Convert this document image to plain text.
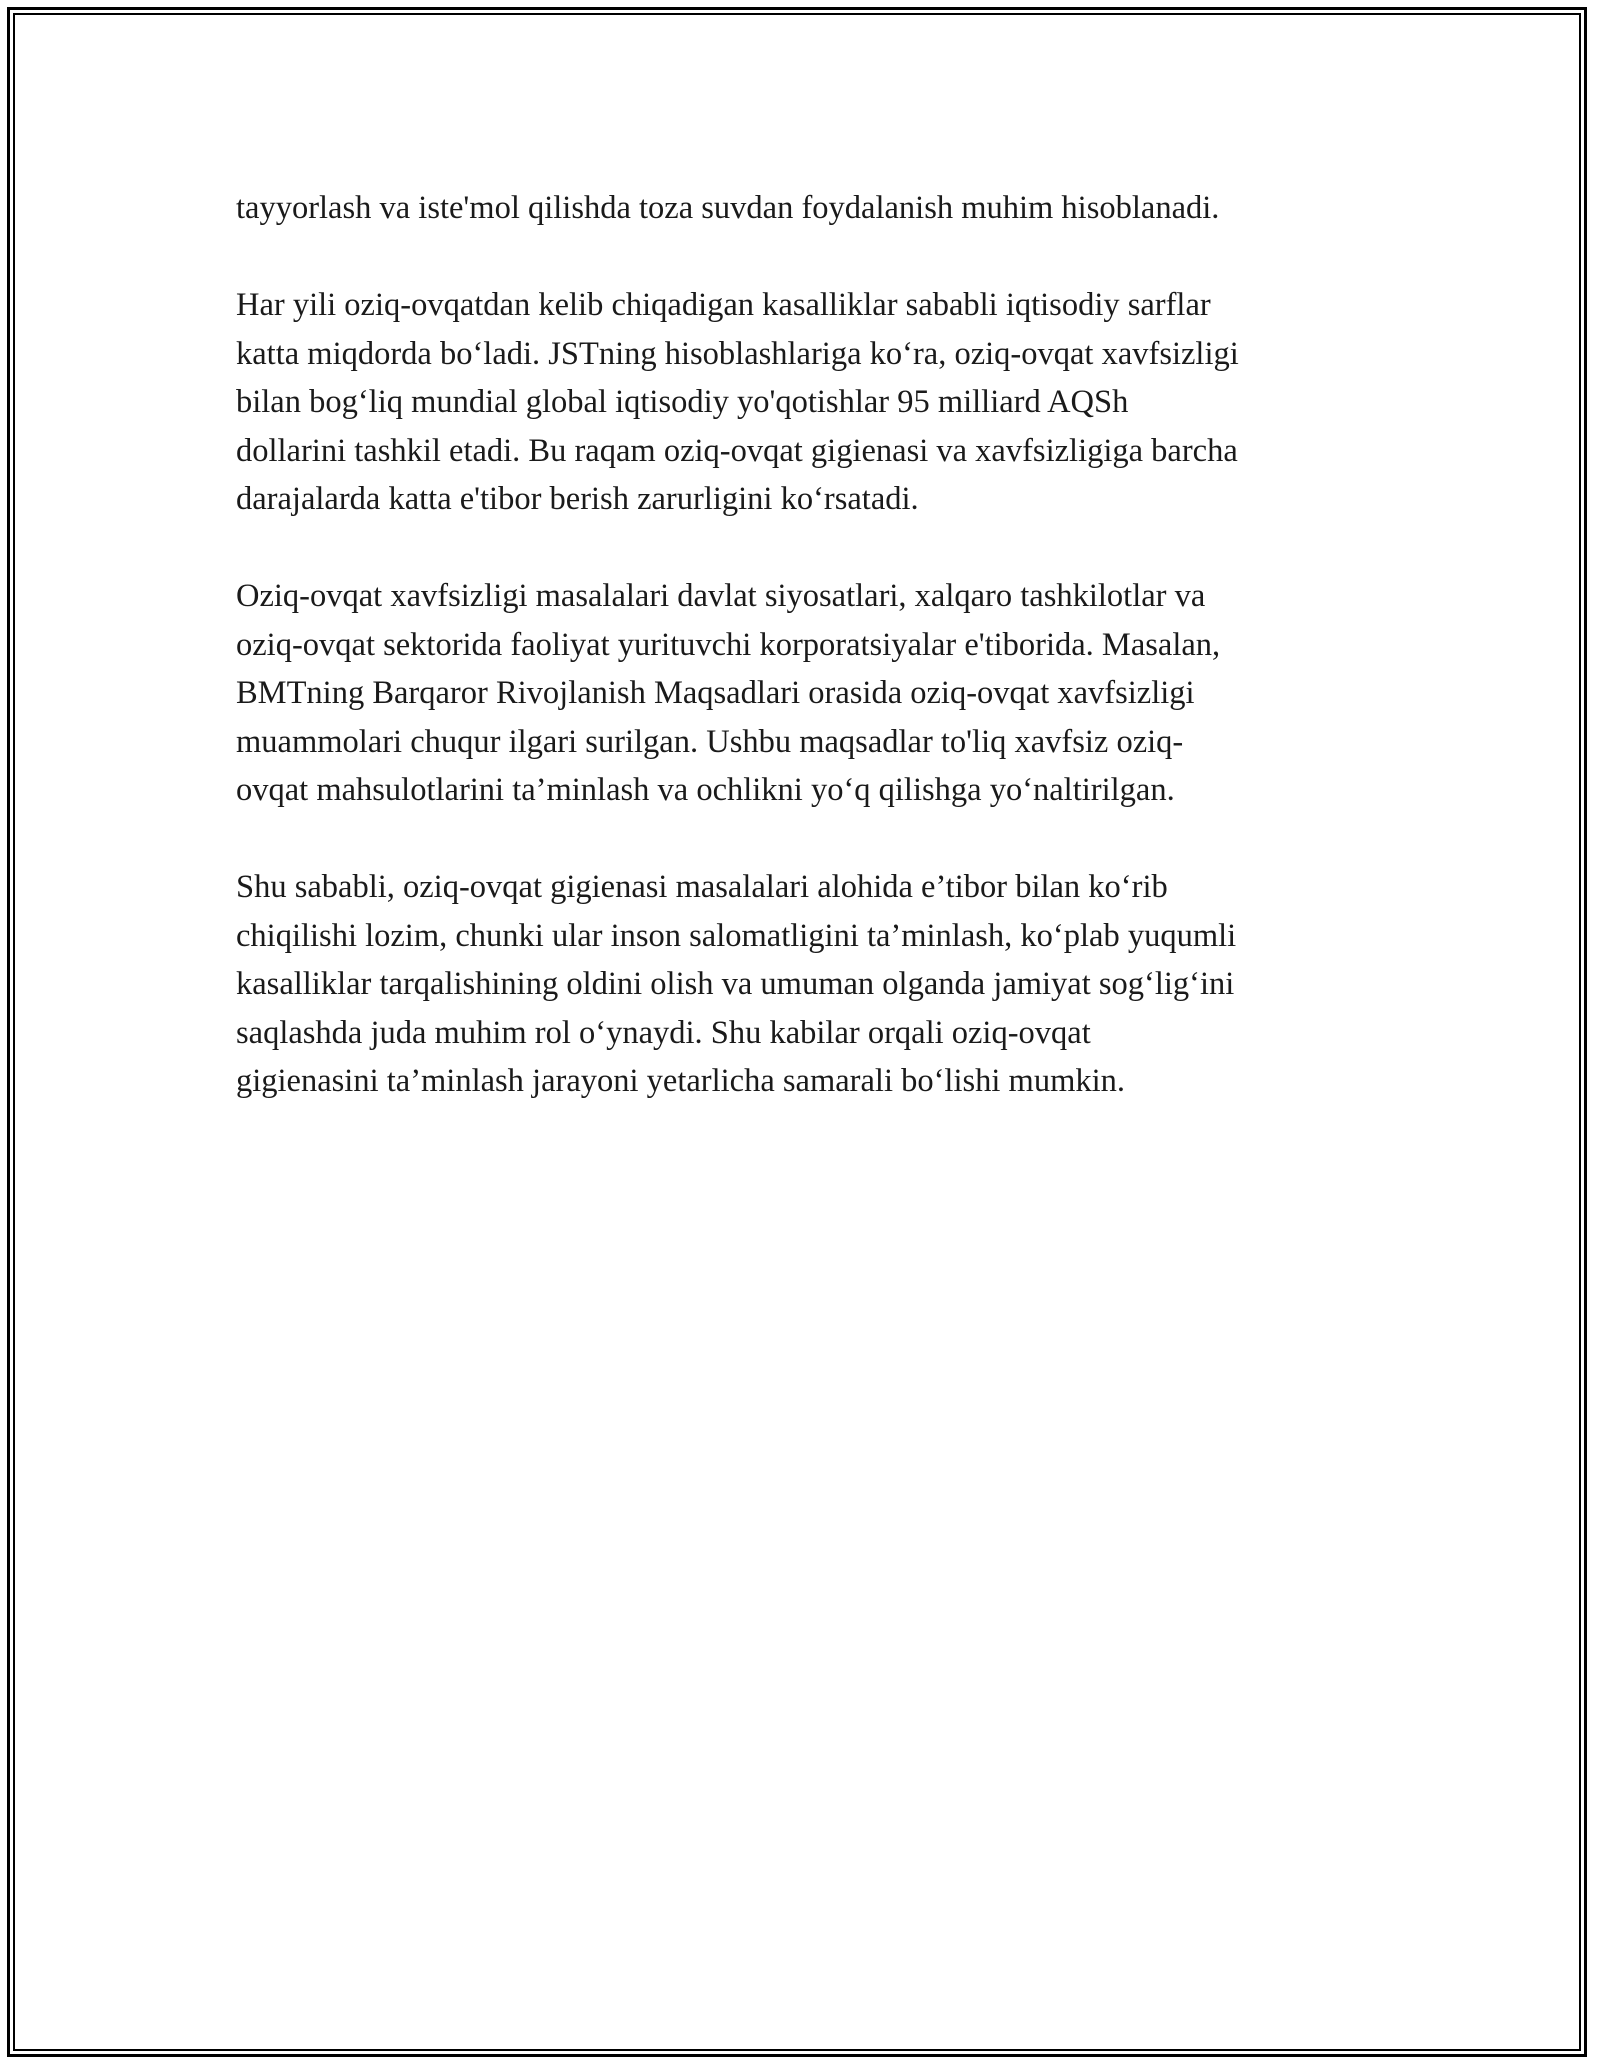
tayyorlash va iste'mol qilishda toza suvdan foydalanish muhim hisoblanadi.

Har yili oziq-ovqatdan kelib chiqadigan kasalliklar sababli iqtisodiy sarflar
katta miqdorda bo‘ladi. JSTning hisoblashlariga ko‘ra, oziq-ovqat xavfsizligi
bilan bog‘liq mundial global iqtisodiy yo'qotishlar 95 milliard AQSh
dollarini tashkil etadi. Bu raqam oziq-ovqat gigienasi va xavfsizligiga barcha
darajalarda katta e'tibor berish zarurligini ko‘rsatadi.

Oziq-ovqat xavfsizligi masalalari davlat siyosatlari, xalqaro tashkilotlar va
oziq-ovqat sektorida faoliyat yurituvchi korporatsiyalar e'tiborida. Masalan,
BMTning Barqaror Rivojlanish Maqsadlari orasida oziq-ovqat xavfsizligi
muammolari chuqur ilgari surilgan. Ushbu maqsadlar to'liq xavfsiz oziq-
ovqat mahsulotlarini ta’minlash va ochlikni yo‘q qilishga yo‘naltirilgan.

Shu sababli, oziq-ovqat gigienasi masalalari alohida e’tibor bilan ko‘rib
chiqilishi lozim, chunki ular inson salomatligini ta’minlash, ko‘plab yuqumli
kasalliklar tarqalishining oldini olish va umuman olganda jamiyat sog‘lig‘ini
saqlashda juda muhim rol o‘ynaydi. Shu kabilar orqali oziq-ovqat
gigienasini ta’minlash jarayoni yetarlicha samarali bo‘lishi mumkin.
